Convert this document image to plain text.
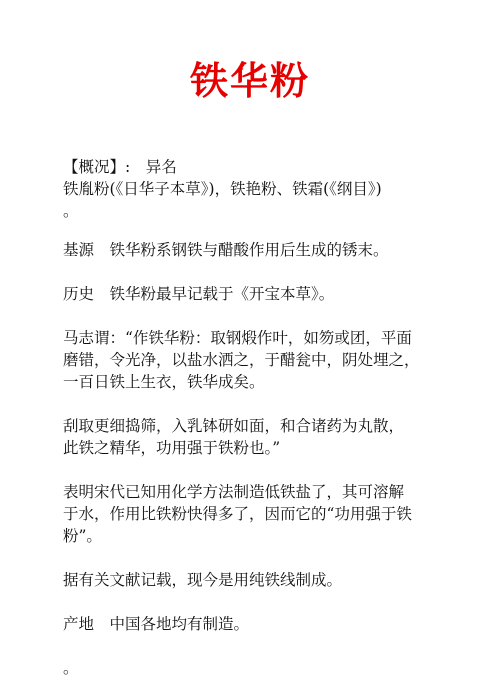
铁华粉

【概况】:　异名

铁胤粉(《日华子本草》)，铁艳粉、铁霜(《纲目》)

。

基源　铁华粉系钢铁与醋酸作用后生成的锈末。

历史　铁华粉最早记载于《开宝本草》。

马志谓：“作铁华粉：取钢煅作叶，如笏或团，平面

磨错，令光净，以盐水洒之，于醋瓮中，阴处埋之，

一百日铁上生衣，铁华成矣。

刮取更细捣筛，入乳钵研如面，和合诸药为丸散，

此铁之精华，功用强于铁粉也。”

表明宋代已知用化学方法制造低铁盐了，其可溶解

于水，作用比铁粉快得多了，因而它的“功用强于铁

粉”。

据有关文献记载，现今是用纯铁线制成。

产地　中国各地均有制造。

。
